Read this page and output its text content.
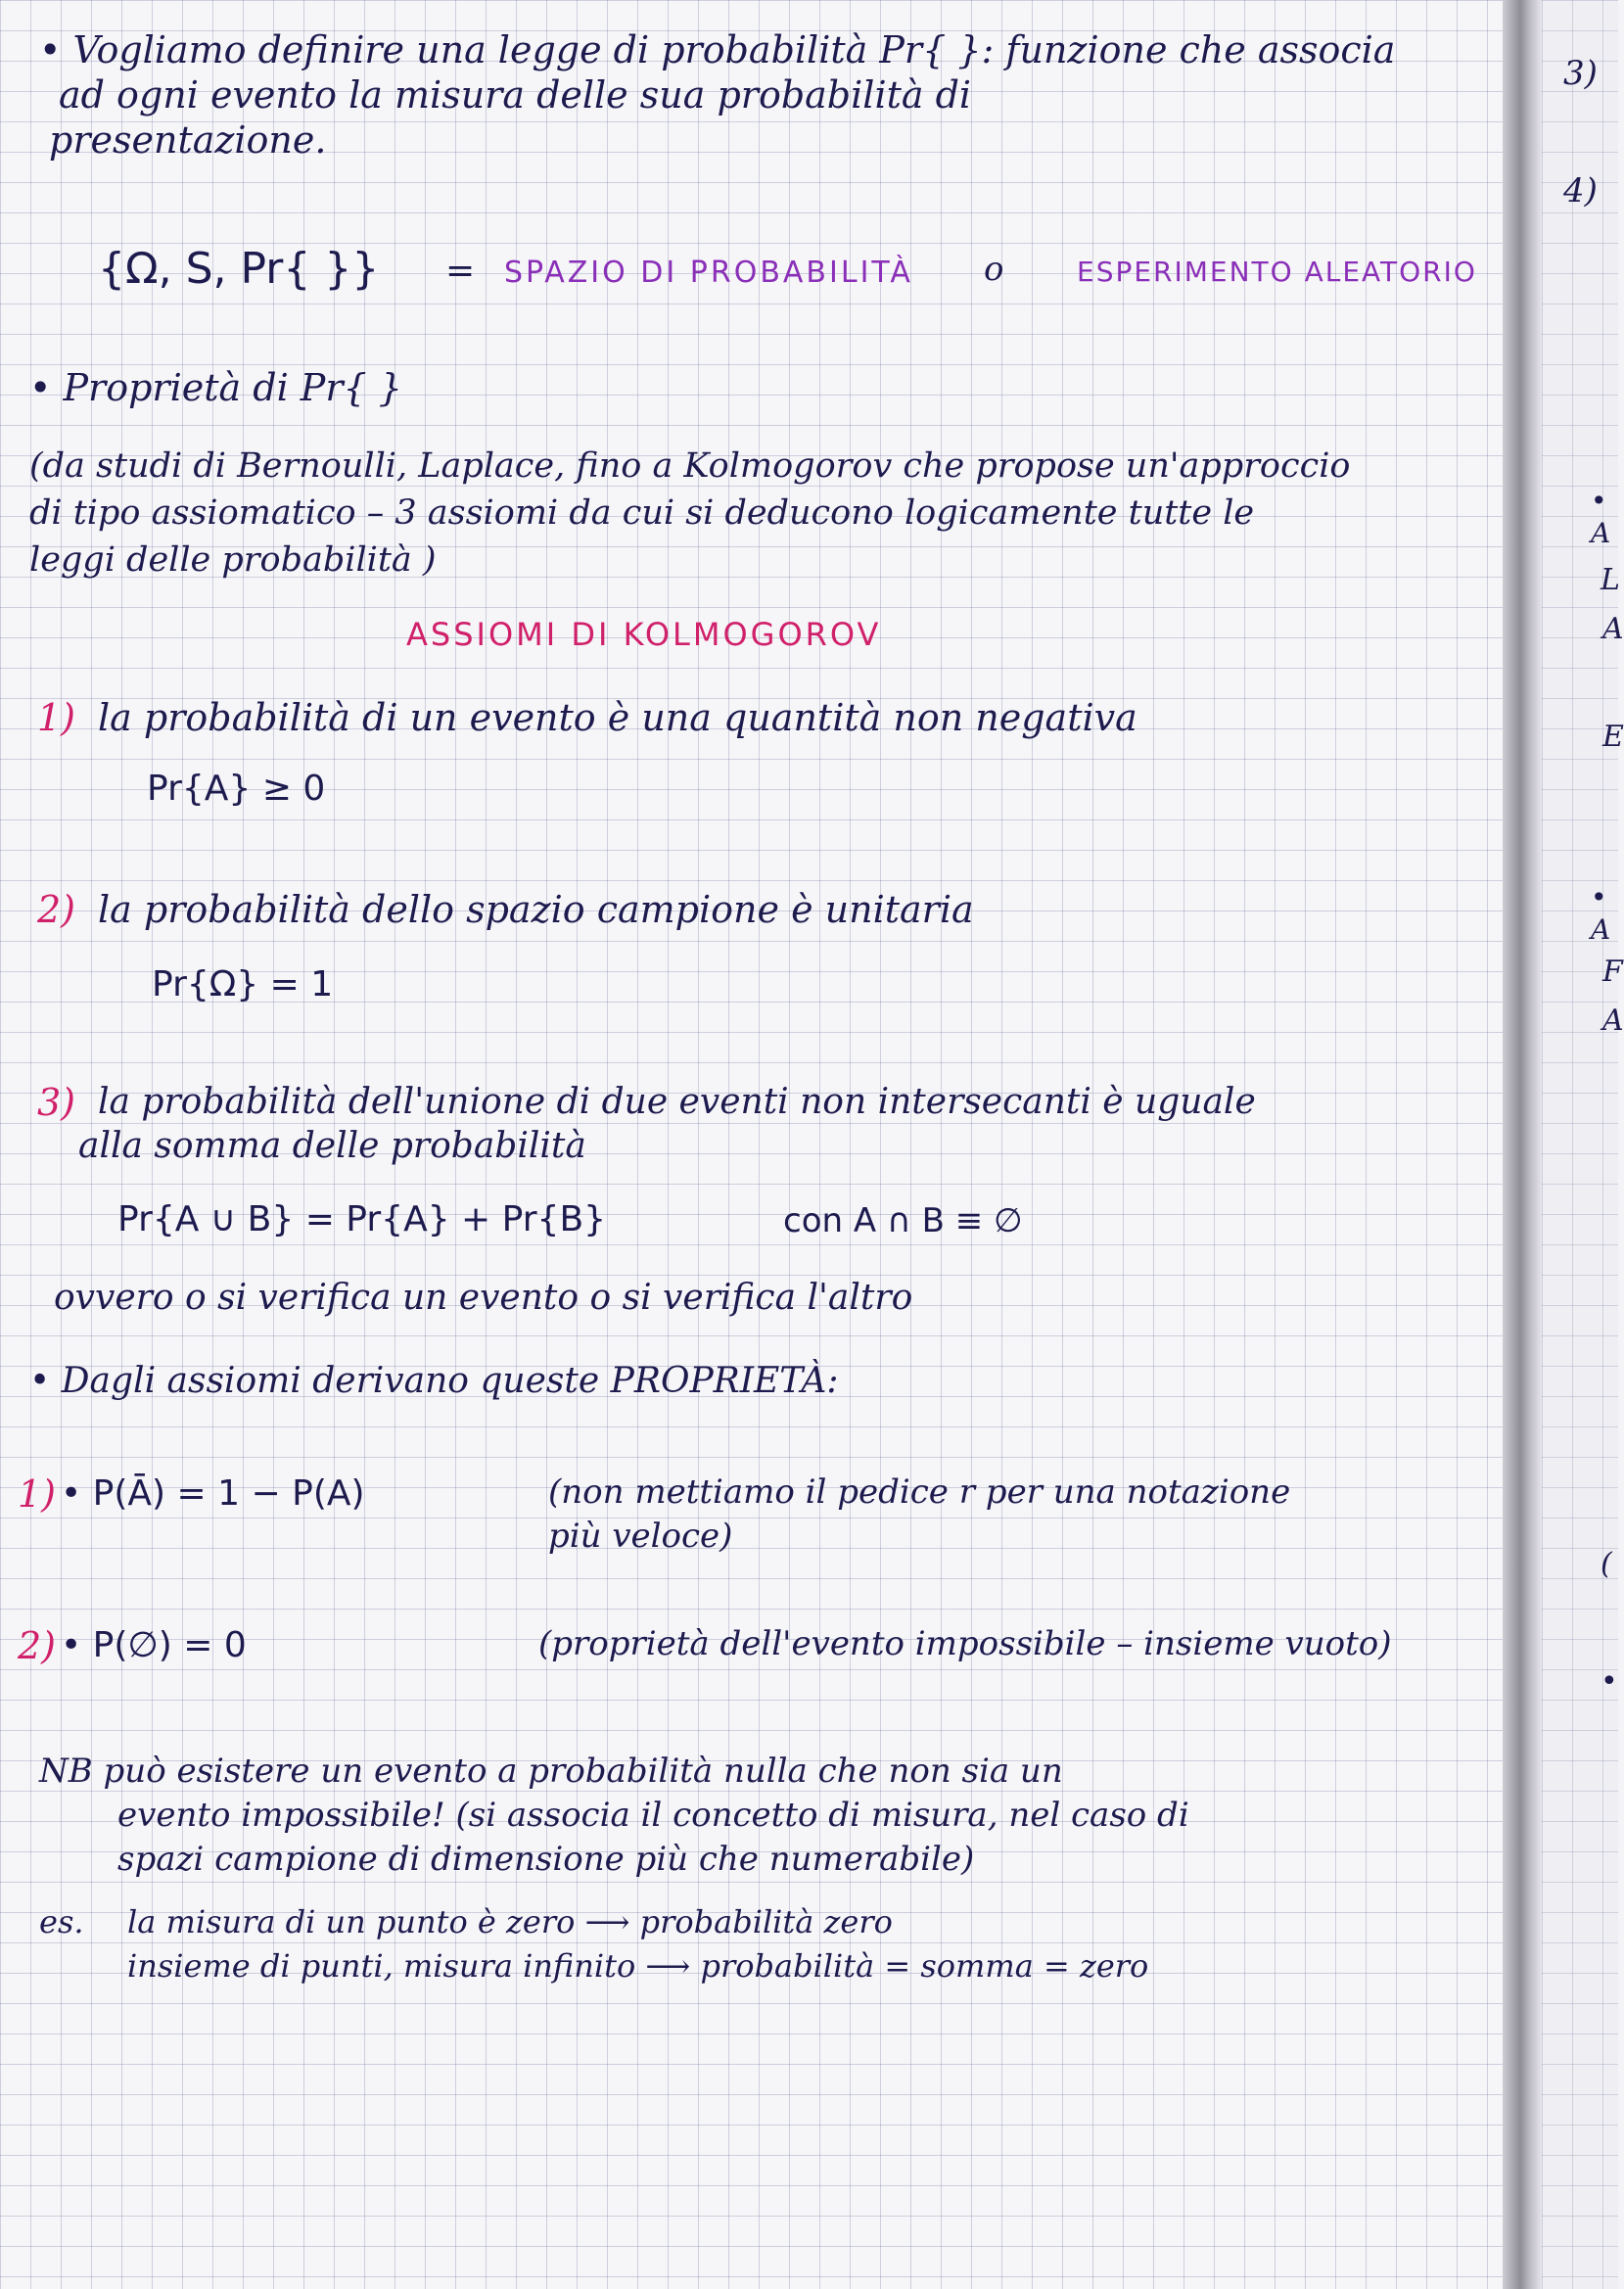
• Vogliamo definire una legge di probabilità Pr{ }: funzione che associa
ad ogni evento la misura delle sua probabilità di
presentazione.
{Ω, S, Pr{ }} = SPAZIO DI PROBABILITÀ o	ESPERIMENTO ALEATORIO
• Proprietà di Pr{ }
(da studi di Bernoulli, Laplace, fino a Kolmogorov che propose un'approccio
di tipo assiomatico – 3 assiomi da cui si deducono logicamente tutte le
leggi delle probabilità )
ASSIOMI DI KOLMOGOROV
1) la probabilità di un evento è una quantità non negativa
Pr{A} ≥ 0
2) la probabilità dello spazio campione è unitaria
Pr{Ω} = 1
3) la probabilità dell'unione di due eventi non intersecanti è uguale
alla somma delle probabilità
Pr{A ∪ B} = Pr{A} + Pr{B}	con A ∩ B ≡ ∅
ovvero o si verifica un evento o si verifica l'altro
• Dagli assiomi derivano queste PROPRIETÀ:
1) • P(Ā) = 1 − P(A)	(non mettiamo il pedice r per una notazione
più veloce)
2) • P(∅) = 0	(proprietà dell'evento impossibile – insieme vuoto)
NB può esistere un evento a probabilità nulla che non sia un
evento impossibile! (si associa il concetto di misura, nel caso di
spazi campione di dimensione più che numerabile)
es. la misura di un punto è zero ⟶ probabilità zero
insieme di punti, misura infinito ⟶ probabilità = somma = zero
3)
4)
• A
L
A
F
E
• A
A
(
•
